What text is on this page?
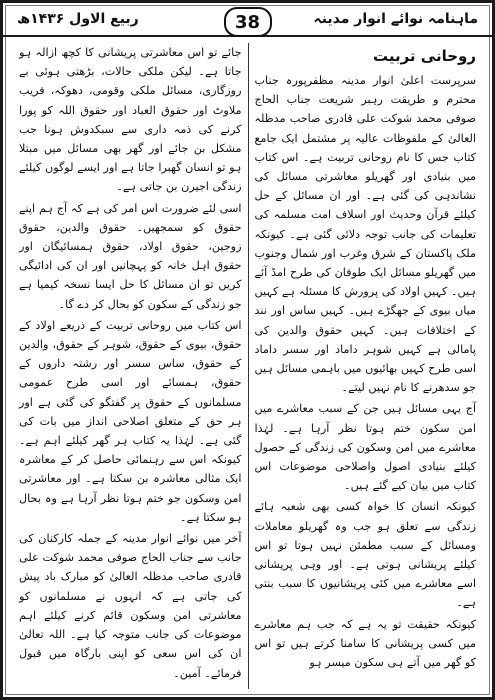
ربیع الاول ۱۴۳۶ھ	38	ماہنامہ نوائے انوار مدینہ
روحانی تربیت

سرپرست اعلیٰ انوار مدینہ مظفرپورہ جناب محترم و طریقت رہبر شریعت جناب الحاج صوفی محمد شوکت علی قادری صاحب مدظلہ العالیٰ کے ملفوظات عالیہ پر مشتمل ایک جامع کتاب جس کا نام روحانی تربیت ہے۔ اس کتاب میں بنیادی اور گھریلو معاشرتی مسائل کی نشاندہی کی گئی ہے۔ اور ان مسائل کے حل کیلئے قرآن وحدیث اور اسلاف امت مسلمہ کی تعلیمات کی جانب توجہ دلائی گئی ہے۔ کیونکہ ملک پاکستان کے شرق وغرب اور شمال وجنوب میں گھریلو مسائل ایک طوفان کی طرح امڈ آئے ہیں۔ کہیں اولاد کی پرورش کا مسئلہ ہے کہیں میاں بیوی کے جھگڑے ہیں۔ کہیں ساس اور نند کے اختلافات ہیں۔ کہیں حقوق والدین کی پامالی ہے کہیں شوہر داماد اور سسر داماد اسی طرح کہیں بھائیوں میں باہمی مسائل ہیں جو سدھرنے کا نام نہیں لیتے۔

آج یہی مسائل ہیں جن کے سبب معاشرے میں امن سکون ختم ہوتا نظر آرہا ہے۔ لہٰذا معاشرے میں امن وسکون کی زندگی کے حصول کیلئے بنیادی اصول واصلاحی موضوعات اس کتاب میں بیان کیے گئے ہیں۔

کیونکہ انسان کا خواہ کسی بھی شعبہ ہائے زندگی سے تعلق ہو جب وہ گھریلو معاملات ومسائل کے سبب مطمئن نہیں ہوتا تو اس کیلئے پریشانی ہوتی ہے۔ اور وہی پریشانی اسے معاشرے میں کئی پریشانیوں کا سبب بنتی ہے۔

کیونکہ حقیقت تو یہ ہے کہ جب ہم معاشرے میں کسی پریشانی کا سامنا کرتے ہیں تو اس کو گھر میں آتے ہی سکون میسر ہو

جائے تو اس معاشرتی پریشانی کا کچھ ازالہ ہو جاتا ہے۔ لیکن ملکی حالات، بڑھتی ہوئی بے روزگاری، مسائل ملکی وقومی، دھوکہ، فریب ملاوٹ اور حقوق العباد اور حقوق اللہ کو پورا کرنے کی ذمہ داری سے سبکدوش ہونا جب مشکل بن جائے اور گھر بھی مسائل میں مبتلا ہو تو انسان گھبرا جاتا ہے اور ایسے لوگوں کیلئے زندگی اجیرن بن جاتی ہے۔

اسی لئے ضرورت اس امر کی ہے کہ آج ہم اپنے حقوق کو سمجھیں۔ حقوق والدین، حقوق زوجین، حقوق اولاد، حقوق ہمسائیگان اور حقوق اہل خانہ کو پہچانیں اور ان کی ادائیگی کریں تو ان مسائل کا حل ایسا نسخہ کیمیا ہے جو زندگی کے سکون کو بحال کر دے گا۔

اس کتاب میں روحانی تربیت کے ذریعے اولاد کے حقوق، بیوی کے حقوق، شوہر کے حقوق، والدین کے حقوق، ساس سسر اور رشتہ داروں کے حقوق، ہمسائے اور اسی طرح عمومی مسلمانوں کے حقوق پر گفتگو کی گئی ہے اور ہر حق کے متعلق اصلاحی انداز میں بات کی گئی ہے۔ لہٰذا یہ کتاب ہر گھر کیلئے اہم ہے۔ کیونکہ اس سے رہنمائی حاصل کر کے معاشرہ ایک مثالی معاشرہ بن سکتا ہے۔ اور معاشرتی امن وسکون جو ختم ہوتا نظر آرہا ہے وہ بحال ہو سکتا ہے۔

آخر میں نوائے انوار مدینہ کے جملہ کارکنان کی جانب سے جناب الحاج صوفی محمد شوکت علی قادری صاحب مدظلہ العالیٰ کو مبارک باد پیش کی جاتی ہے کہ انہوں نے مسلمانوں کو معاشرتی امن وسکون قائم کرنے کیلئے اہم موضوعات کی جانب متوجہ کیا ہے۔ اللہ تعالیٰ ان کی اس سعی کو اپنی بارگاہ میں قبول فرمائے۔ آمین۔
